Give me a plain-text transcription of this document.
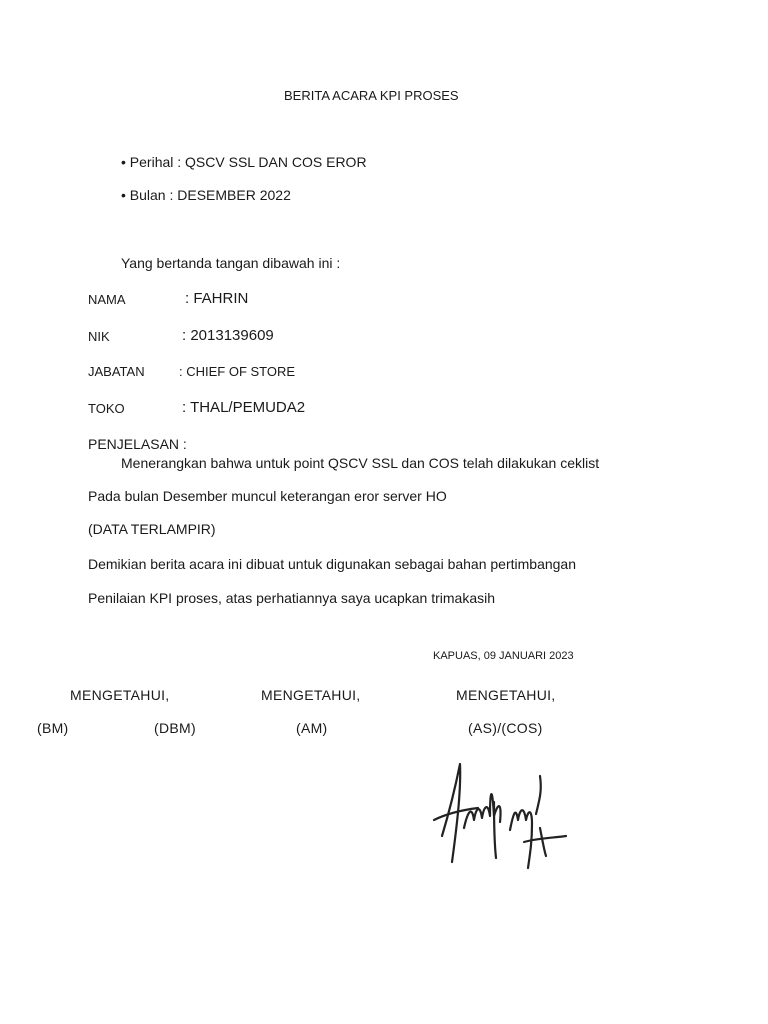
BERITA ACARA KPI PROSES
• Perihal : QSCV SSL DAN COS EROR
• Bulan : DESEMBER 2022
Yang bertanda tangan dibawah ini :
NAMA	: FAHRIN
NIK	: 2013139609
JABATAN	: CHIEF OF STORE
TOKO	: THAL/PEMUDA2
PENJELASAN :
Menerangkan bahwa untuk point QSCV SSL dan COS telah dilakukan ceklist
Pada bulan Desember muncul keterangan eror server HO
(DATA TERLAMPIR)
Demikian berita acara ini dibuat untuk digunakan sebagai bahan pertimbangan
Penilaian KPI proses, atas perhatiannya saya ucapkan trimakasih
KAPUAS, 09 JANUARI 2023
MENGETAHUI,	MENGETAHUI,	MENGETAHUI,
(BM)	(DBM)	(AM)	(AS)/(COS)
